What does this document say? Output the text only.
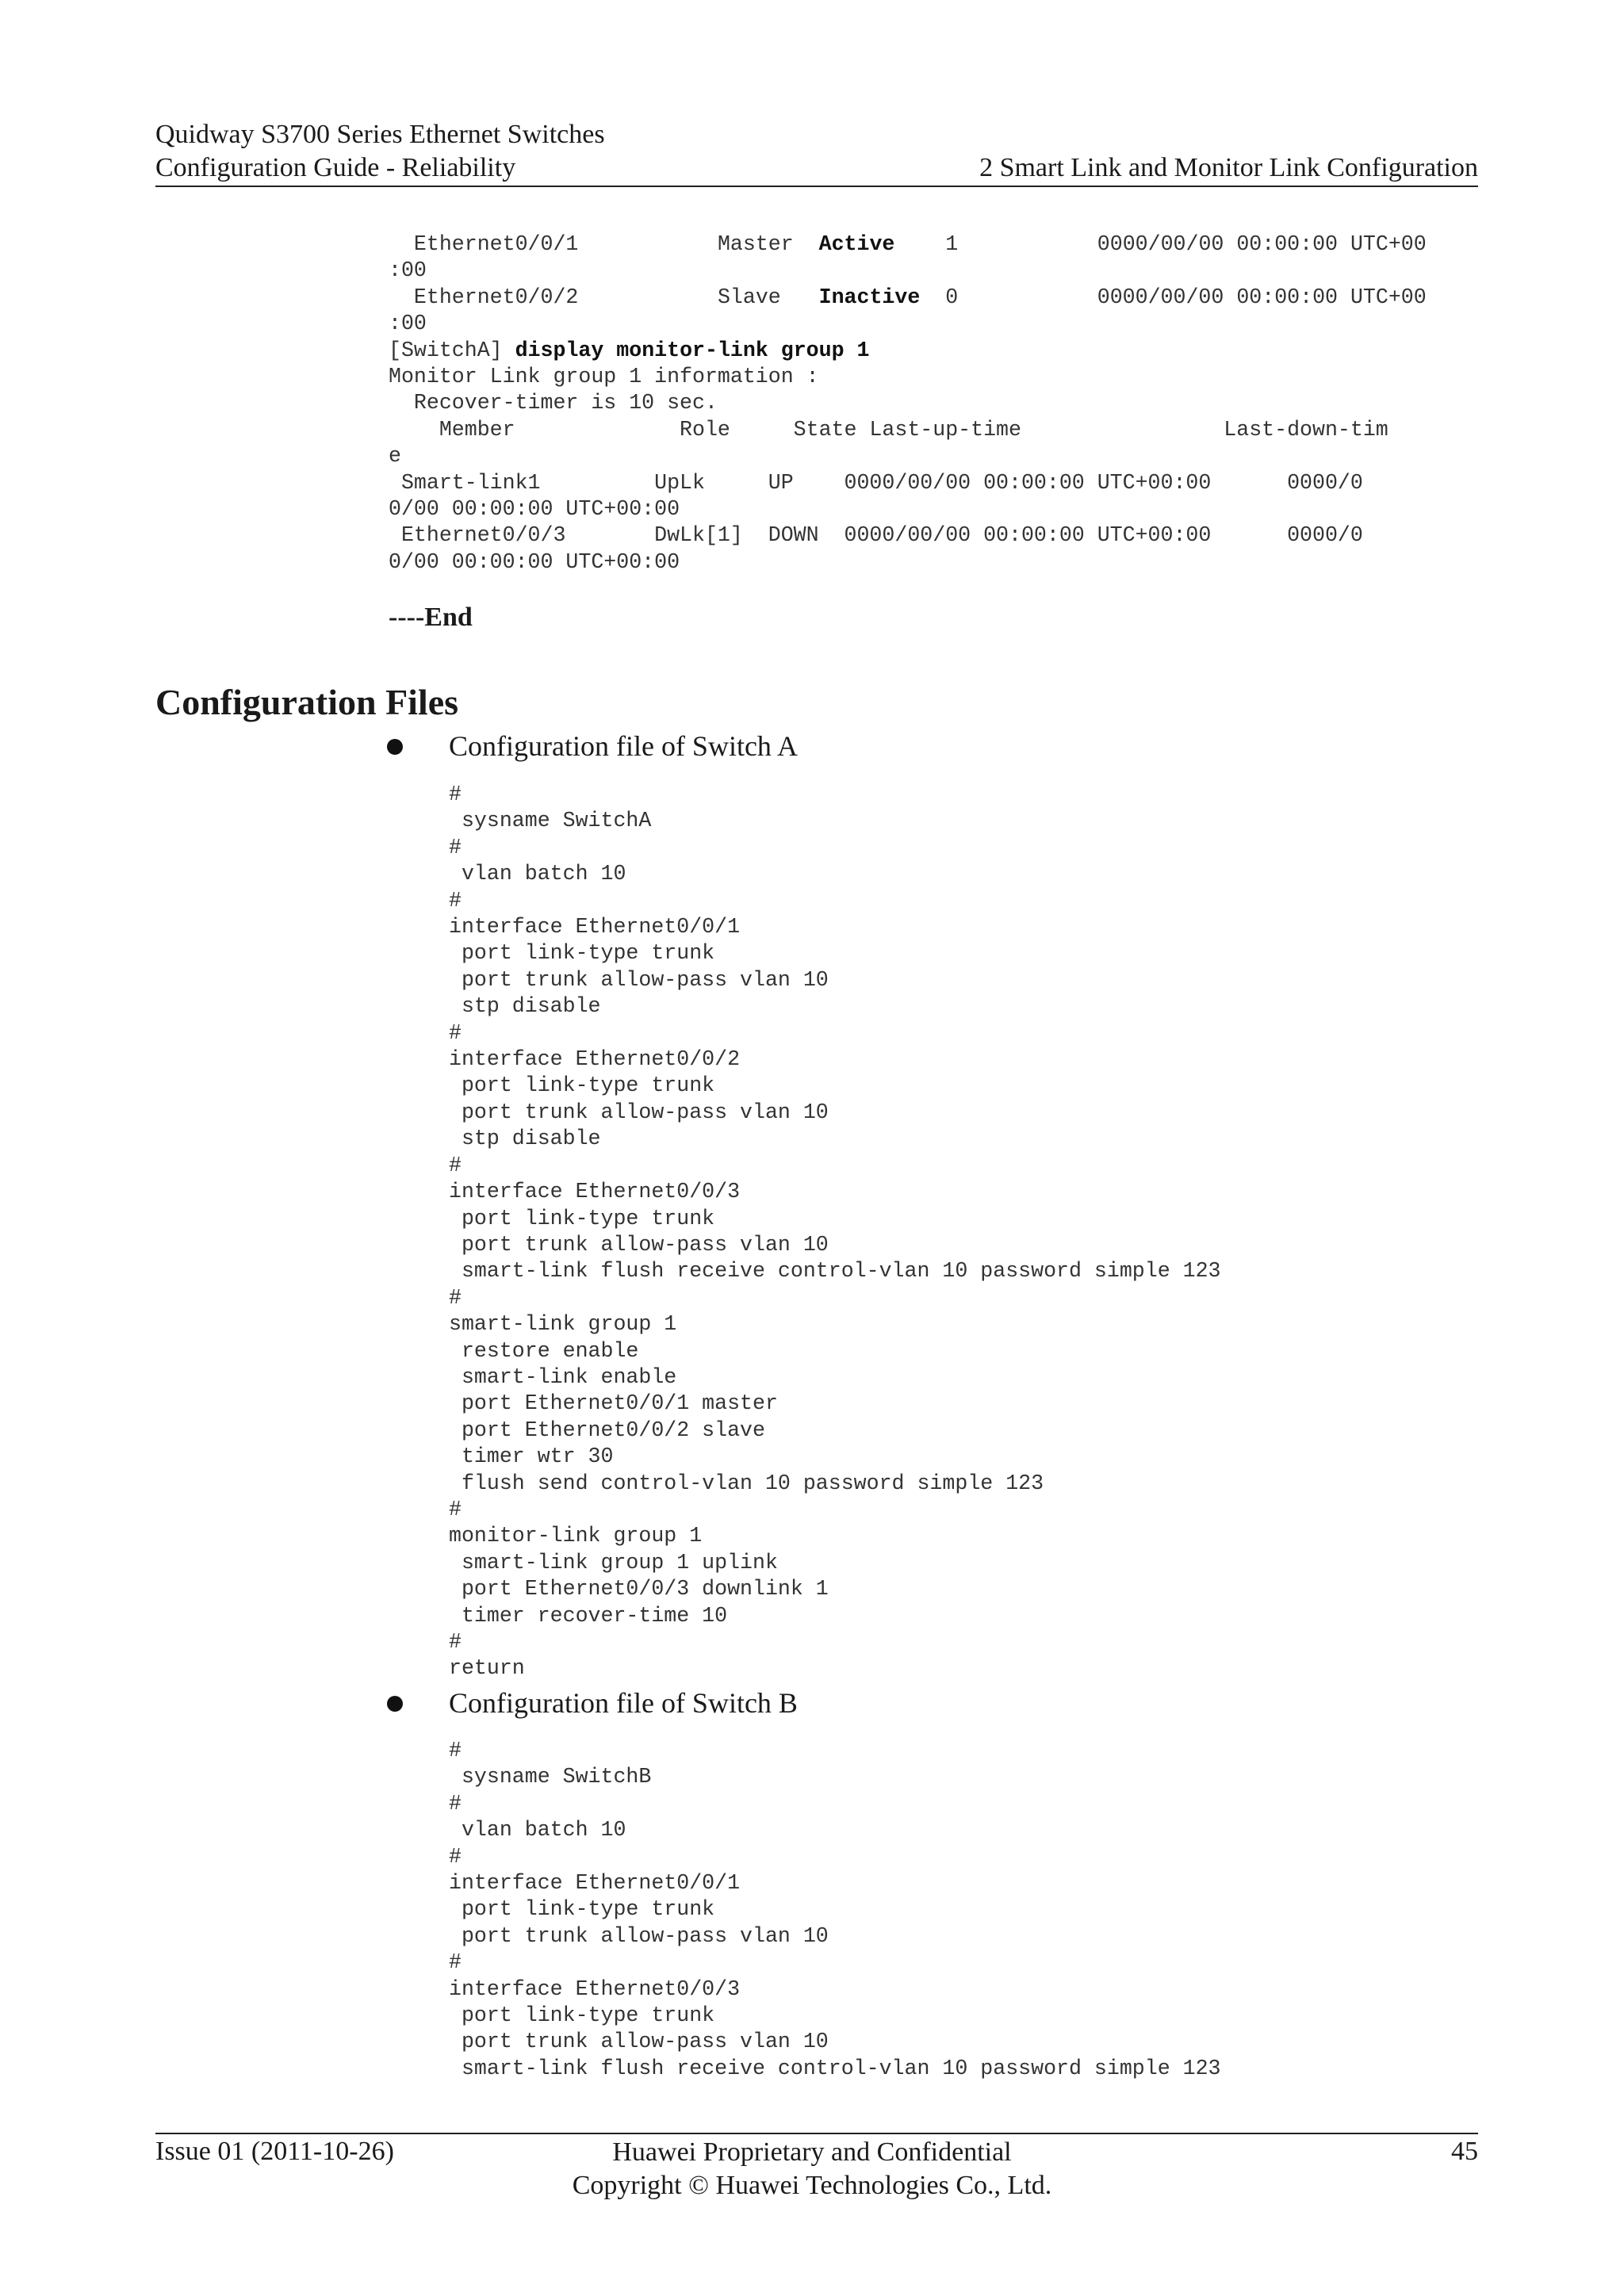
Quidway S3700 Series Ethernet Switches
Configuration Guide - Reliability	2 Smart Link and Monitor Link Configuration
Ethernet0/0/1	Master Active 1	0000/00/00 00:00:00 UTC+00
:00
Ethernet0/0/2	Slave Inactive 0	0000/00/00 00:00:00 UTC+00
:00
[SwitchA] display monitor-link group 1
Monitor Link group 1 information :
Recover-timer is 10 sec.
Member             Role     State Last-up-time                Last-down-tim
e
Smart-link1         UpLk     UP    0000/00/00 00:00:00 UTC+00:00      0000/0
0/00 00:00:00 UTC+00:00
Ethernet0/0/3       DwLk[1]  DOWN  0000/00/00 00:00:00 UTC+00:00      0000/0
0/00 00:00:00 UTC+00:00
----End
Configuration Files
Configuration file of Switch A
#
sysname SwitchA
#
vlan batch 10
#
interface Ethernet0/0/1
port link-type trunk
port trunk allow-pass vlan 10
stp disable
#
interface Ethernet0/0/2
port link-type trunk
port trunk allow-pass vlan 10
stp disable
#
interface Ethernet0/0/3
port link-type trunk
port trunk allow-pass vlan 10
smart-link flush receive control-vlan 10 password simple 123
#
smart-link group 1
restore enable
smart-link enable
port Ethernet0/0/1 master
port Ethernet0/0/2 slave
timer wtr 30
flush send control-vlan 10 password simple 123
#
monitor-link group 1
smart-link group 1 uplink
port Ethernet0/0/3 downlink 1
timer recover-time 10
#
return
Configuration file of Switch B
#
sysname SwitchB
#
vlan batch 10
#
interface Ethernet0/0/1
port link-type trunk
port trunk allow-pass vlan 10
#
interface Ethernet0/0/3
port link-type trunk
port trunk allow-pass vlan 10
smart-link flush receive control-vlan 10 password simple 123
Issue 01 (2011-10-26)	Huawei Proprietary and Confidential
Copyright © Huawei Technologies Co., Ltd.
45
